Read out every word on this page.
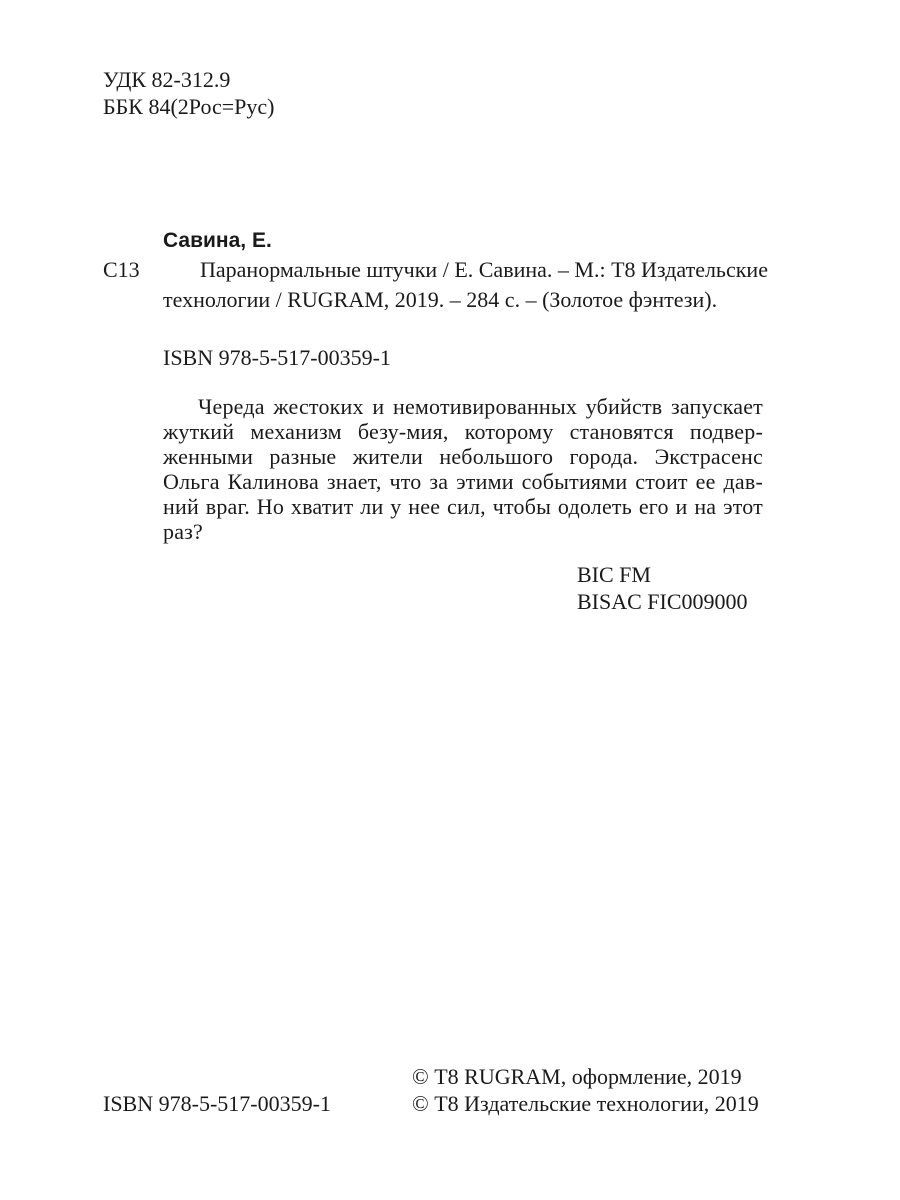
УДК 82-312.9
ББК 84(2Рос=Рус)
Савина, Е.
С13	Паранормальные штучки / Е. Савина. – М.: Т8 Издательские
технологии / RUGRAM, 2019. – 284 с. – (Золотое фэнтези).
ISBN 978-5-517-00359-1
Череда жестоких и немотивированных убийств запускает жуткий механизм безу-мия, которому становятся подвер-женными разные жители небольшого города. Экстрасенс Ольга Калинова знает, что за этими событиями стоит ее дав-ний враг. Но хватит ли у нее сил, чтобы одолеть его и на этот раз?
BIC FM
BISAC FIC009000
© Т8 RUGRAM, оформление, 2019
ISBN 978-5-517-00359-1	© Т8 Издательские технологии, 2019
